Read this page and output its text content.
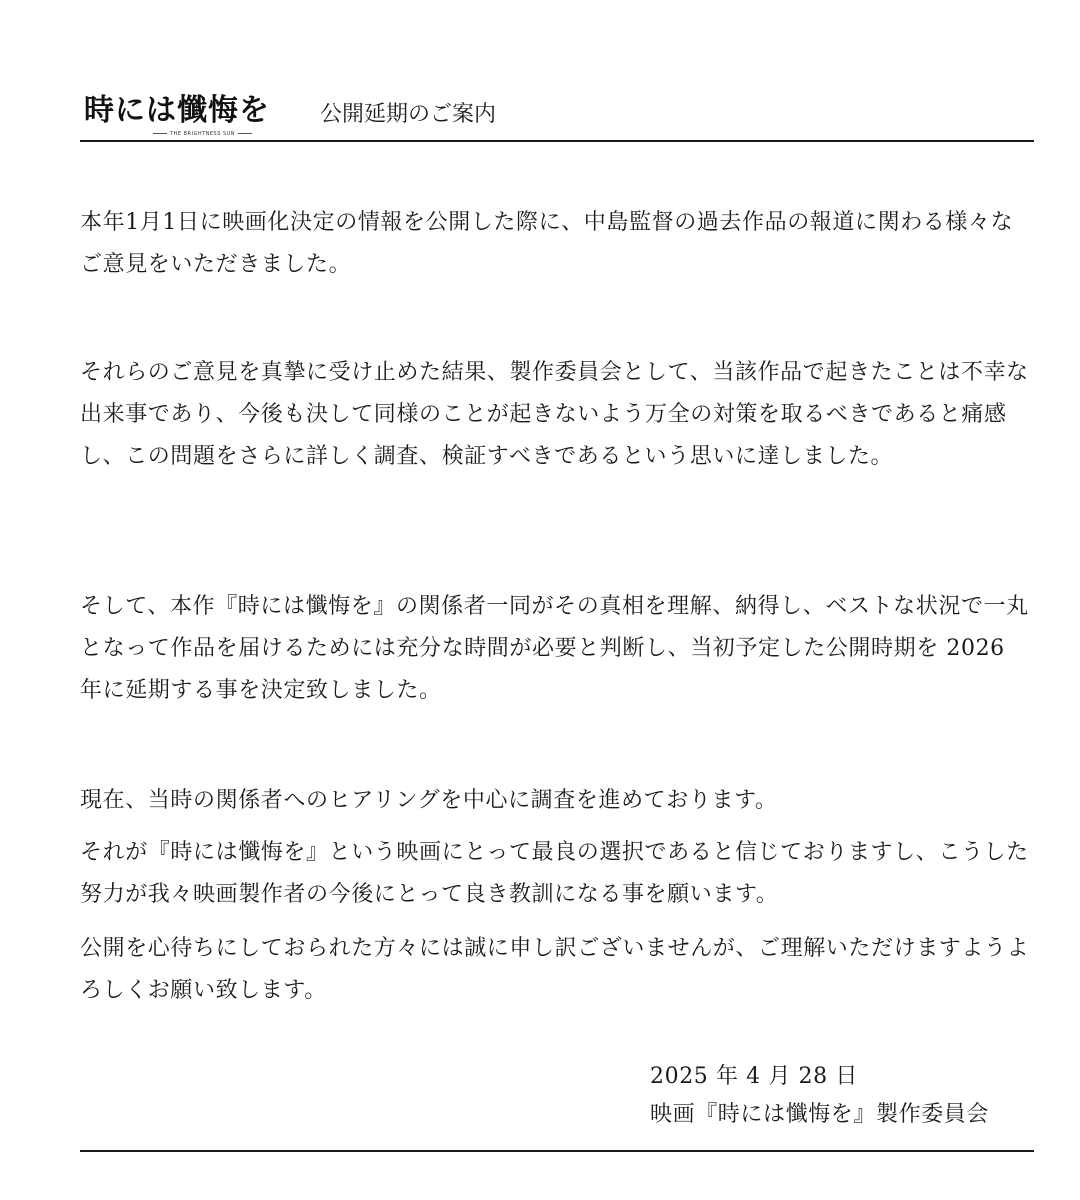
時には懺悔を
THE BRIGHTNESS SUN
公開延期のご案内

本年1月1日に映画化決定の情報を公開した際に、中島監督の過去作品の報道に関わる様々なご意見をいただきました。

それらのご意見を真摯に受け止めた結果、製作委員会として、当該作品で起きたことは不幸な出来事であり、今後も決して同様のことが起きないよう万全の対策を取るべきであると痛感し、この問題をさらに詳しく調査、検証すべきであるという思いに達しました。

そして、本作『時には懺悔を』の関係者一同がその真相を理解、納得し、ベストな状況で一丸となって作品を届けるためには充分な時間が必要と判断し、当初予定した公開時期を 2026 年に延期する事を決定致しました。

現在、当時の関係者へのヒアリングを中心に調査を進めております。

それが『時には懺悔を』という映画にとって最良の選択であると信じておりますし、こうした努力が我々映画製作者の今後にとって良き教訓になる事を願います。

公開を心待ちにしておられた方々には誠に申し訳ございませんが、ご理解いただけますようよろしくお願い致します。

2025 年 4 月 28 日
映画『時には懺悔を』製作委員会
